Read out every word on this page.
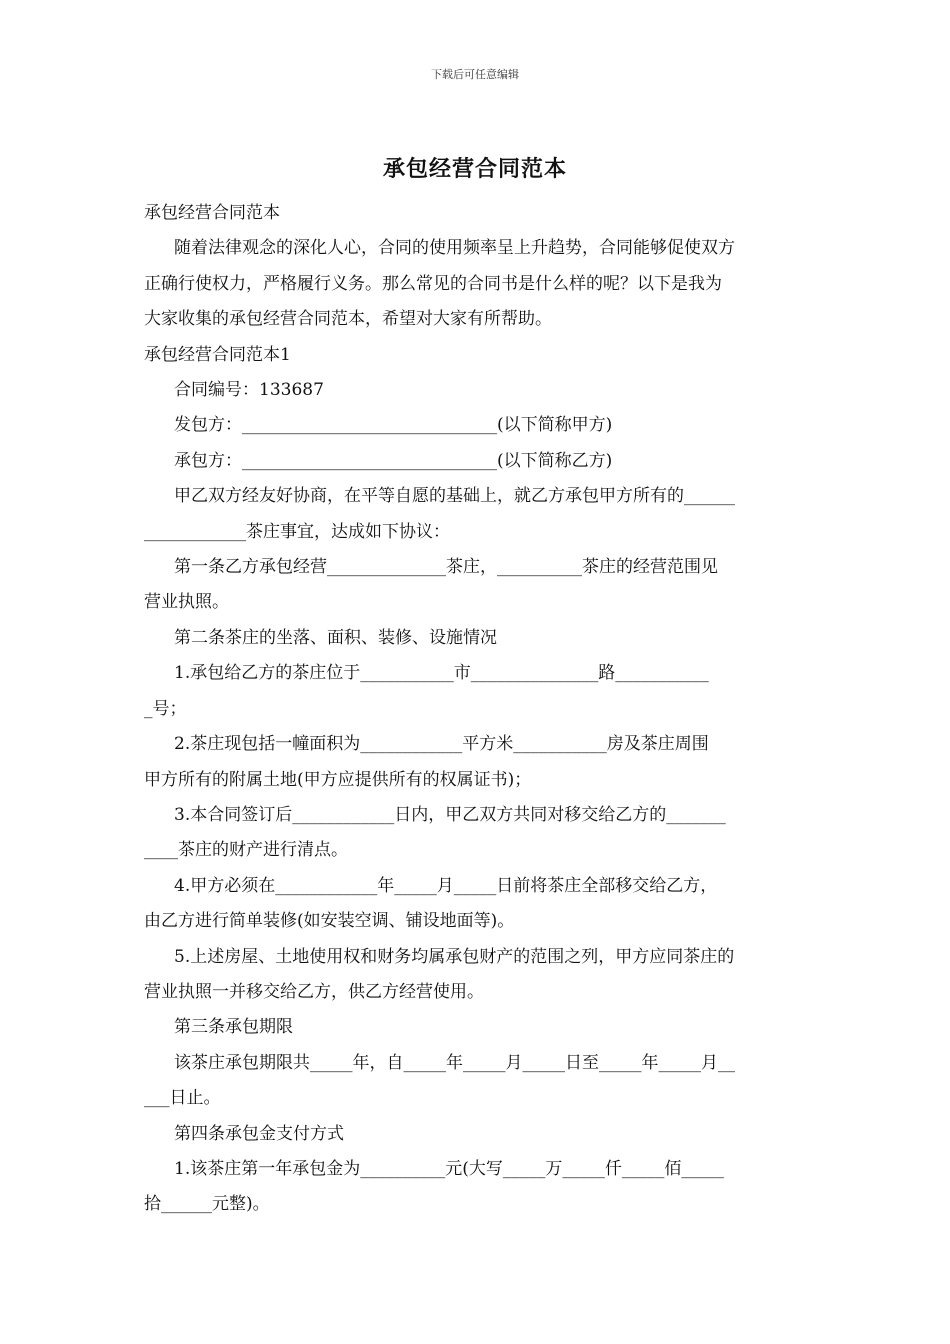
下载后可任意编辑
承包经营合同范本

承包经营合同范本

随着法律观念的深化人心，合同的使用频率呈上升趋势，合同能够促使双方

正确行使权力，严格履行义务。那么常见的合同书是什么样的呢？以下是我为

大家收集的承包经营合同范本，希望对大家有所帮助。

承包经营合同范本1

合同编号：133687

发包方：______________________________(以下简称甲方)

承包方：______________________________(以下简称乙方)

甲乙双方经友好协商，在平等自愿的基础上，就乙方承包甲方所有的______

____________茶庄事宜，达成如下协议：

第一条乙方承包经营______________茶庄，__________茶庄的经营范围见

营业执照。

第二条茶庄的坐落、面积、装修、设施情况

1.承包给乙方的茶庄位于___________市_______________路___________

_号；

2.茶庄现包括一幢面积为____________平方米___________房及茶庄周围

甲方所有的附属土地(甲方应提供所有的权属证书)；

3.本合同签订后____________日内，甲乙双方共同对移交给乙方的_______

____茶庄的财产进行清点。

4.甲方必须在____________年_____月_____日前将茶庄全部移交给乙方，

由乙方进行简单装修(如安装空调、铺设地面等)。

5.上述房屋、土地使用权和财务均属承包财产的范围之列，甲方应同茶庄的

营业执照一并移交给乙方，供乙方经营使用。

第三条承包期限

该茶庄承包期限共_____年，自_____年_____月_____日至_____年_____月__

___日止。

第四条承包金支付方式

1.该茶庄第一年承包金为__________元(大写_____万_____仟_____佰_____

拾______元整)。
